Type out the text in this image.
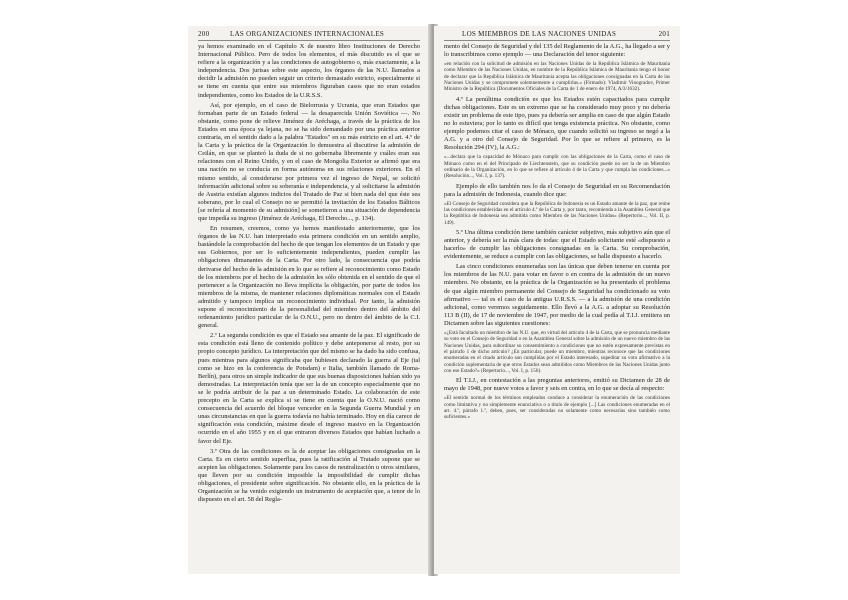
200	LAS ORGANIZACIONES INTERNACIONALES

ya hemos examinado en el Capítulo X de nuestro libro Instituciones de Derecho Internacional Público. Pero de todos los elementos, el más discutido es el que se refiere a la organización y a las condiciones de autogobierno o, más exactamente, a la independencia. Dos jurisas sobre este aspecto, los órganos de las N.U. llamados a decidir la admisión no pueden seguir un criterio demasiado estricto, especialmente si se tiene en cuenta que entre sus miembros figuraban casos que no eran estados independientes, como los Estados de la U.R.S.S.

Así, por ejemplo, en el caso de Bielorrusia y Ucrania, que eran Estados que formaban parte de un Estado federal — la desaparecida Unión Soviética —. No obstante, como pone de relieve Jiménez de Aréchaga, a través de la práctica de los Estados en una época ya lejana, no se ha sido demandado por una práctica anterior contraria, en el sentido dado a la palabra "Estados" en su más estricto en el art. 4.º de la Carta y la práctica de la Organización lo demuestra al discutirse la admisión de Ceilán, en que se planteó la duda de si no gobernaba libremente y cuáles eran sus relaciones con el Reino Unido, y en el caso de Mongolia Exterior se afirmó que era una nación no se conducía en forma autónoma en sus relaciones exteriores. En el mismo sentido, al considerarse por primera vez el ingreso de Nepal, se solicitó información adicional sobre su soberanía e independencia, y al solicitarse la admisión de Austria existían algunos indicios del Tratado de Paz si bien nada del que éste sea soberano, por lo cual el Consejo no se permitió la invitación de los Estados Bálticos [se refería al momento de su admisión] se sometieron a una situación de dependencia que impedía su ingreso (Jiménez de Aréchaga, El Derecho..., p. 134).

En resumen, creemos, como ya hemos manifestado anteriormente, que los órganos de las N.U. han interpretado esta primera condición en un sentido amplio, bastándole la comprobación del hecho de que tengan los elementos de un Estado y que sus Gobiernos, por ser lo suficientemente independientes, pueden cumplir las obligaciones dimanantes de la Carta. Por otro lado, la consecuencia que podría derivarse del hecho de la admisión en lo que se refiere al reconocimiento como Estado de los miembros por el hecho de la admisión les sólo obtenida en el sentido de que el pertenecer a la Organización no lleva implícita la obligación, por parte de todos los miembros de la misma, de mantener relaciones diplomáticas normales con el Estado admitido y tampoco implica un reconocimiento individual. Por tanto, la admisión supone el reconocimiento de la personalidad del miembro dentro del ámbito del ordenamiento jurídico particular de la O.N.U., pero no dentro del ámbito de la C.I. general.

2.º La segunda condición es que el Estado sea amante de la paz. El significado de esta condición está lleno de contenido político y debe anteponerse al resto, por su propio concepto jurídico. La interpretación que del mismo se ha dado ha sido confusa, pues mientras para algunos significaba que hubiesen declarado la guerra al Eje (tal como se hizo en la conferencia de Potsdam) e Italia, también llamado de Roma-Berlín), para otros un simple indicador de que sus buenas disposiciones habían sido ya demostradas. La interpretación tenía que ser la de un concepto especialmente que no se le podría atribuir de la paz a un determinado Estado. La colaboración de este precepto en la Carta se explica si se tiene en cuenta que la O.N.U. nació como consecuencia del acuerdo del bloque vencedor en la Segunda Guerra Mundial y en unas circunstancias en que la guerra todavía no había terminado. Hoy en día carece de significación esta condición, máxime desde el ingreso masivo en la Organización ocurrido en el año 1955 y en el que entraron diversos Estados que habían luchado a favor del Eje.

3.º Otra de las condiciones es la de aceptar las obligaciones consignadas en la Carta. Es en cierto sentido superflua, pues la ratificación al Tratado supone que se acepten las obligaciones. Solamente para los casos de neutralización u otros similares, que lleven por su condición imposible la imposibilidad de cumplir dichas obligaciones, el presidente sobre significación. No obstante ello, en la práctica de la Organización se ha venido exigiendo un instrumento de aceptación que, a tenor de lo dispuesto en el art. 58 del Regla-

LOS MIEMBROS DE LAS NACIONES UNIDAS	201

mento del Consejo de Seguridad y del 135 del Reglamento de la A.G., ha llegado a ser y lo transcribimos como ejemplo — una Declaración del tenor siguiente:

«en relación con la solicitud de admisión en las Naciones Unidas de la República Islámica de Mauritania como Miembro de las Naciones Unidas, en nombre de la República Islámica de Mauritania tengo el honor de declarar que la República Islámica de Mauritania acepta las obligaciones consignadas en la Carta de las Naciones Unidas y se compromete solemnemente a cumplirlas.» (Firmado): Vladimir Vinogradov, Primer Ministro de la República (Documentos Oficiales de la Carta de 1 de enero de 1974, A/3/1632).

4.º La penúltima condición es que los Estados estén capacitados para cumplir dichas obligaciones. Este es un extremo que se ha considerado muy poco y no debería existir un problema de este tipo, pues ya debería ser amplia en caso de que algún Estado no lo estuviera; por lo tanto es difícil que tenga existencia práctica. No obstante, como ejemplo podemos citar el caso de Mónaco, que cuando solicitó su ingreso se negó a la A.G. y a otro del Consejo de Seguridad. Por lo que se refiere al primero, es la Resolución 294 (IV), la A.G.:

«...declara que la capacidad de Mónaco para cumplir con las obligaciones de la Carta, como el caso de Mónaco como en el del Principado de Liechtenstein, que su condición puede no ser la de un Miembro ordinario de la Organización, en lo que se refiere al artículo 4 de la Carta y que cumpla las condiciones...» (Resolución..., Vol. I, p. 137).

Ejemplo de ello también nos lo da el Consejo de Seguridad en su Recomendación para la admisión de Indonesia, cuando dice que:

«El Consejo de Seguridad considera que la República de Indonesia es un Estado amante de la paz, que reúne las condiciones establecidas en el artículo 4.º de la Carta y, por tanto, recomienda a la Asamblea General que la República de Indonesia sea admitida como Miembro de las Naciones Unidas» (Repertorio..., Vol. II, p. 149).

5.º Una última condición tiene también carácter subjetivo, más subjetivo aún que el anterior, y debería ser la más clara de todas: que el Estado solicitante esté «dispuesto a hacerlo» de cumplir las obligaciones consignadas en la Carta. Su comprobación, evidentemente, se reduce a cumplir con las obligaciones, se halle dispuesto a hacerlo.

Las cinco condiciones enumeradas son las únicas que deben tenerse en cuenta por los miembros de las N.U. para votar en favor o en contra de la admisión de un nuevo miembro. No obstante, en la práctica de la Organización se ha presentado el problema de que algún miembro permanente del Consejo de Seguridad ha condicionado su voto afirmativo — tal es el caso de la antigua U.R.S.S. — a la admisión de una condición adicional, como veremos seguidamente. Ello llevó a la A.G. a adoptar su Resolución 113 B (II), de 17 de noviembre de 1947, por medio de la cual pedía al T.I.J. emitiera un Dictamen sobre las siguientes cuestiones:

«¿Está facultado un miembro de las N.U. que, en virtud del artículo 4 de la Carta, que se pronuncia mediante su voto en el Consejo de Seguridad o en la Asamblea General sobre la admisión de un nuevo miembro de las Naciones Unidas, para subordinar su consentimiento a condiciones que no estén expresamente previstas en el párrafo 1 de dicho artículo? ¿En particular, puede un miembro, mientras reconoce que las condiciones enumeradas en el citado artículo son cumplidas por el Estado interesado, supeditar su voto afirmativo a la condición suplementaria de que otros Estados sean admitidos como Miembros de las Naciones Unidas junto con ese Estado?» (Repertorio..., Vol. I, p. 156).

El T.I.J., en contestación a las preguntas anteriores, emitió su Dictamen de 28 de mayo de 1948, por nueve votos a favor y seis en contra, en lo que se decía al respecto:

«El sentido normal de los términos empleados conduce a considerar la enumeración de las condiciones como limitativa y no simplemente enunciativa o a título de ejemplo [...] Las condiciones enumeradas en el art. 4.º, párrafo 1.º, deben, pues, ser consideradas no solamente como necesarias sino también como suficientes.»
